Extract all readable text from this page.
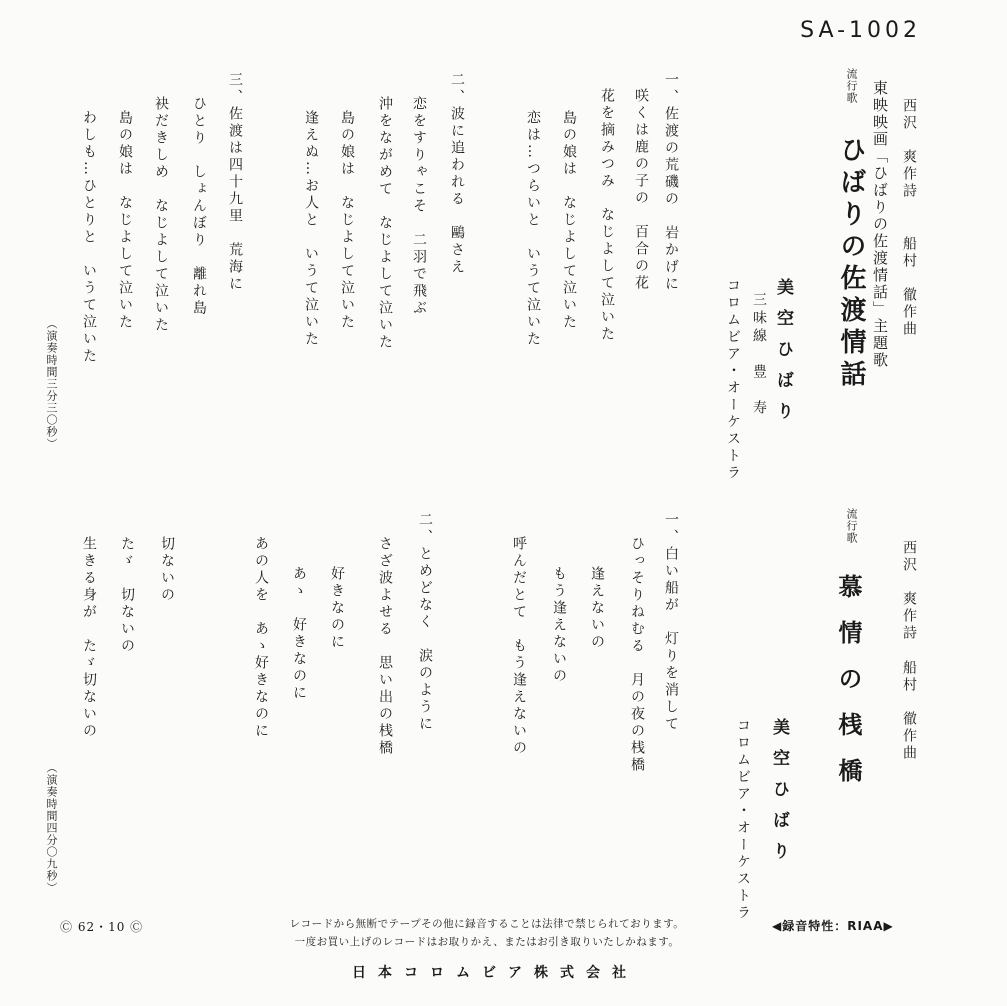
SA-1002

西沢　爽作詩

船村　徹作曲

東映映画「ひばりの佐渡情話」主題歌

流行歌

ひばりの佐渡情話

美空ひばり

三味線　豊　寿

コロムビア・オーケストラ

一、佐渡の荒磯の　岩かげに

咲くは鹿の子の　百合の花

花を摘みつみ　なじよして泣いた

島の娘は　なじよして泣いた

恋は…つらいと　いうて泣いた

二、波に追われる　鷗さえ

恋をすりゃこそ　二羽で飛ぶ

沖をながめて　なじよして泣いた

島の娘は　なじよして泣いた

逢えぬ…お人と　いうて泣いた

三、佐渡は四十九里　荒海に

ひとり　しょんぼり　離れ島

袂だきしめ　なじよして泣いた

島の娘は　なじよして泣いた

わしも…ひとりと　いうて泣いた

（演奏時間三分三〇秒）

西沢　爽作詩

船村　徹作曲

流行歌

慕情の桟橋

美空ひばり

コロムビア・オーケストラ

一、白い船が　灯りを消して

ひっそりねむる　月の夜の桟橋

逢えないの

もう逢えないの

呼んだとて　もう逢えないの

二、とめどなく　涙のように

さざ波よせる　思い出の桟橋

好きなのに

あゝ　好きなのに

あの人を　あゝ好きなのに

切ないの

たゞ　切ないの

生きる身が　たゞ切ないの

（演奏時間四分〇九秒）

Ⓒ 62・10 Ⓒ	レコードから無断でテープその他に録音することは法律で禁じられております。
一度お買い上げのレコードはお取りかえ、またはお引き取りいたしかねます。
◀録音特性：RIAA▶
日本コロムビア株式会社
